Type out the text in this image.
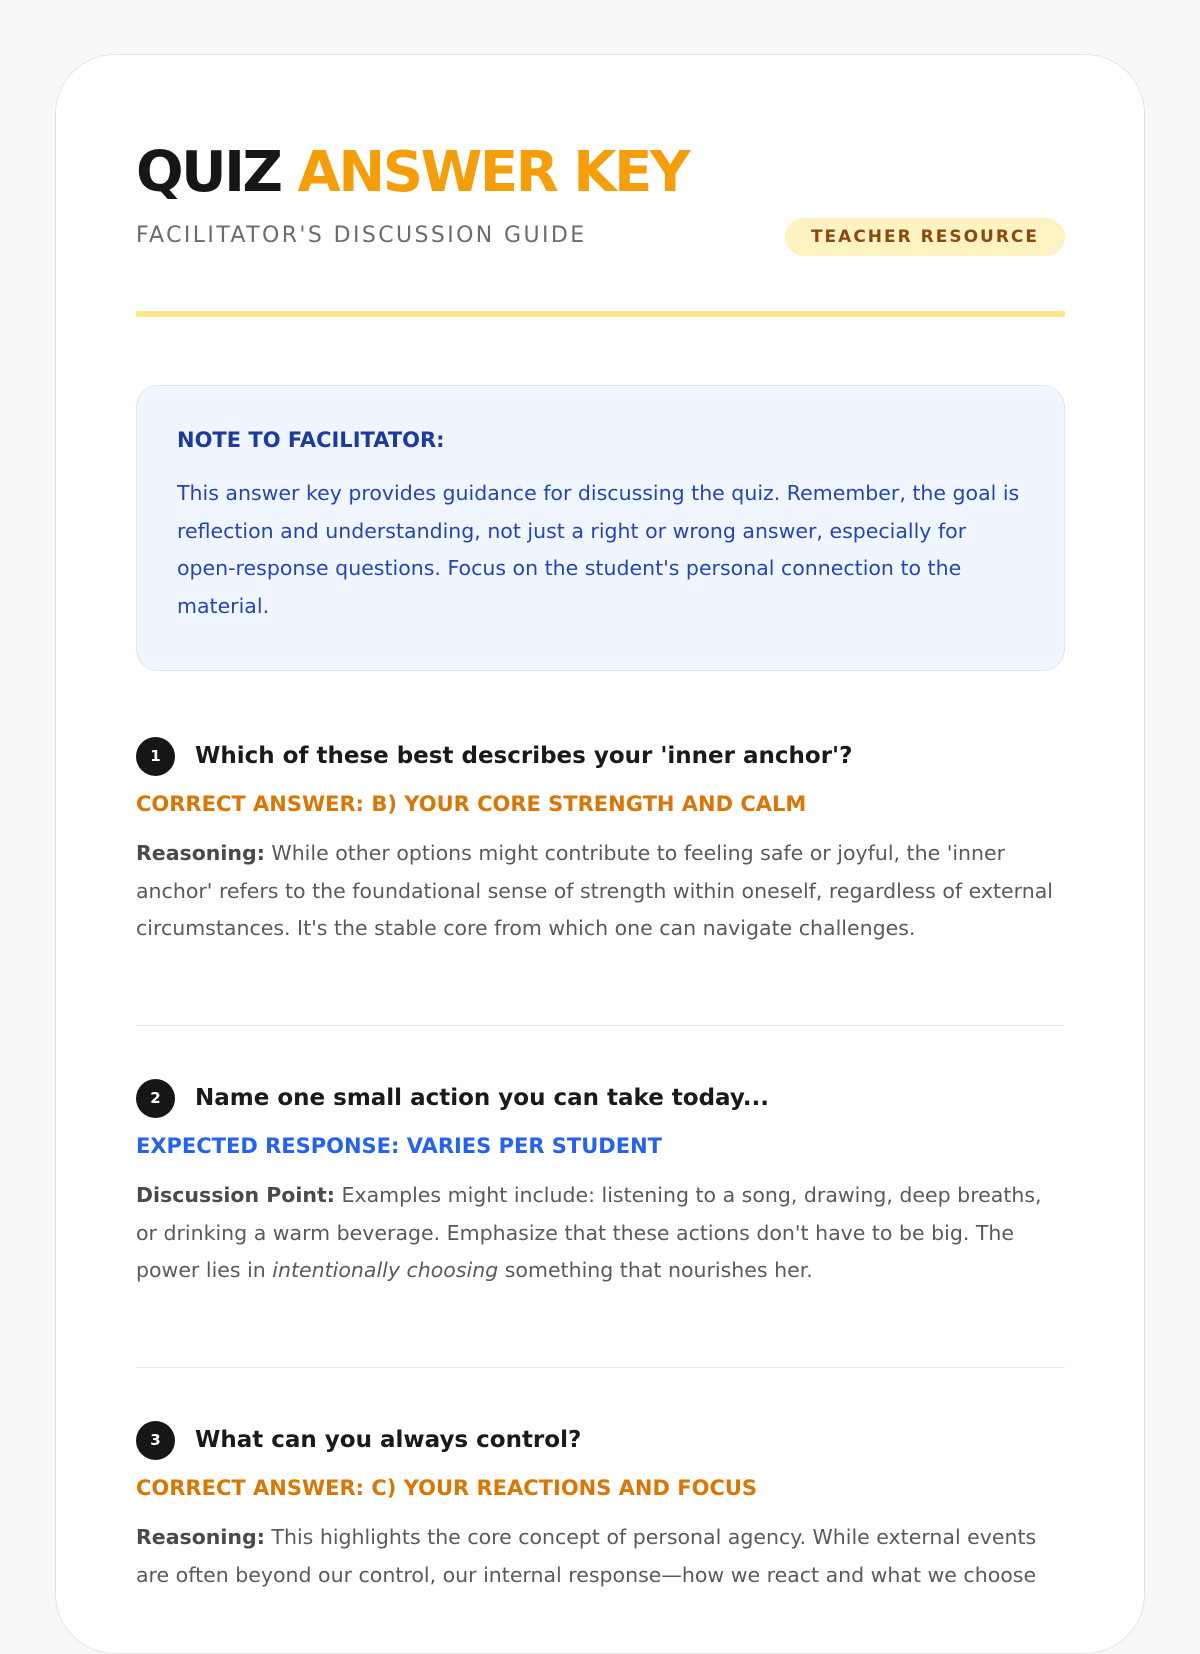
QUIZ ANSWER KEY
FACILITATOR'S DISCUSSION GUIDE	TEACHER RESOURCE

NOTE TO FACILITATOR:

This answer key provides guidance for discussing the quiz. Remember, the goal is reflection and understanding, not just a right or wrong answer, especially for open-response questions. Focus on the student's personal connection to the material.

1	Which of these best describes your 'inner anchor'?
CORRECT ANSWER: B) YOUR CORE STRENGTH AND CALM

Reasoning: While other options might contribute to feeling safe or joyful, the 'inner anchor' refers to the foundational sense of strength within oneself, regardless of external circumstances. It's the stable core from which one can navigate challenges.

2	Name one small action you can take today...
EXPECTED RESPONSE: VARIES PER STUDENT

Discussion Point: Examples might include: listening to a song, drawing, deep breaths, or drinking a warm beverage. Emphasize that these actions don't have to be big. The power lies in intentionally choosing something that nourishes her.

3	What can you always control?
CORRECT ANSWER: C) YOUR REACTIONS AND FOCUS

Reasoning: This highlights the core concept of personal agency. While external events are often beyond our control, our internal response—how we react and what we choose
